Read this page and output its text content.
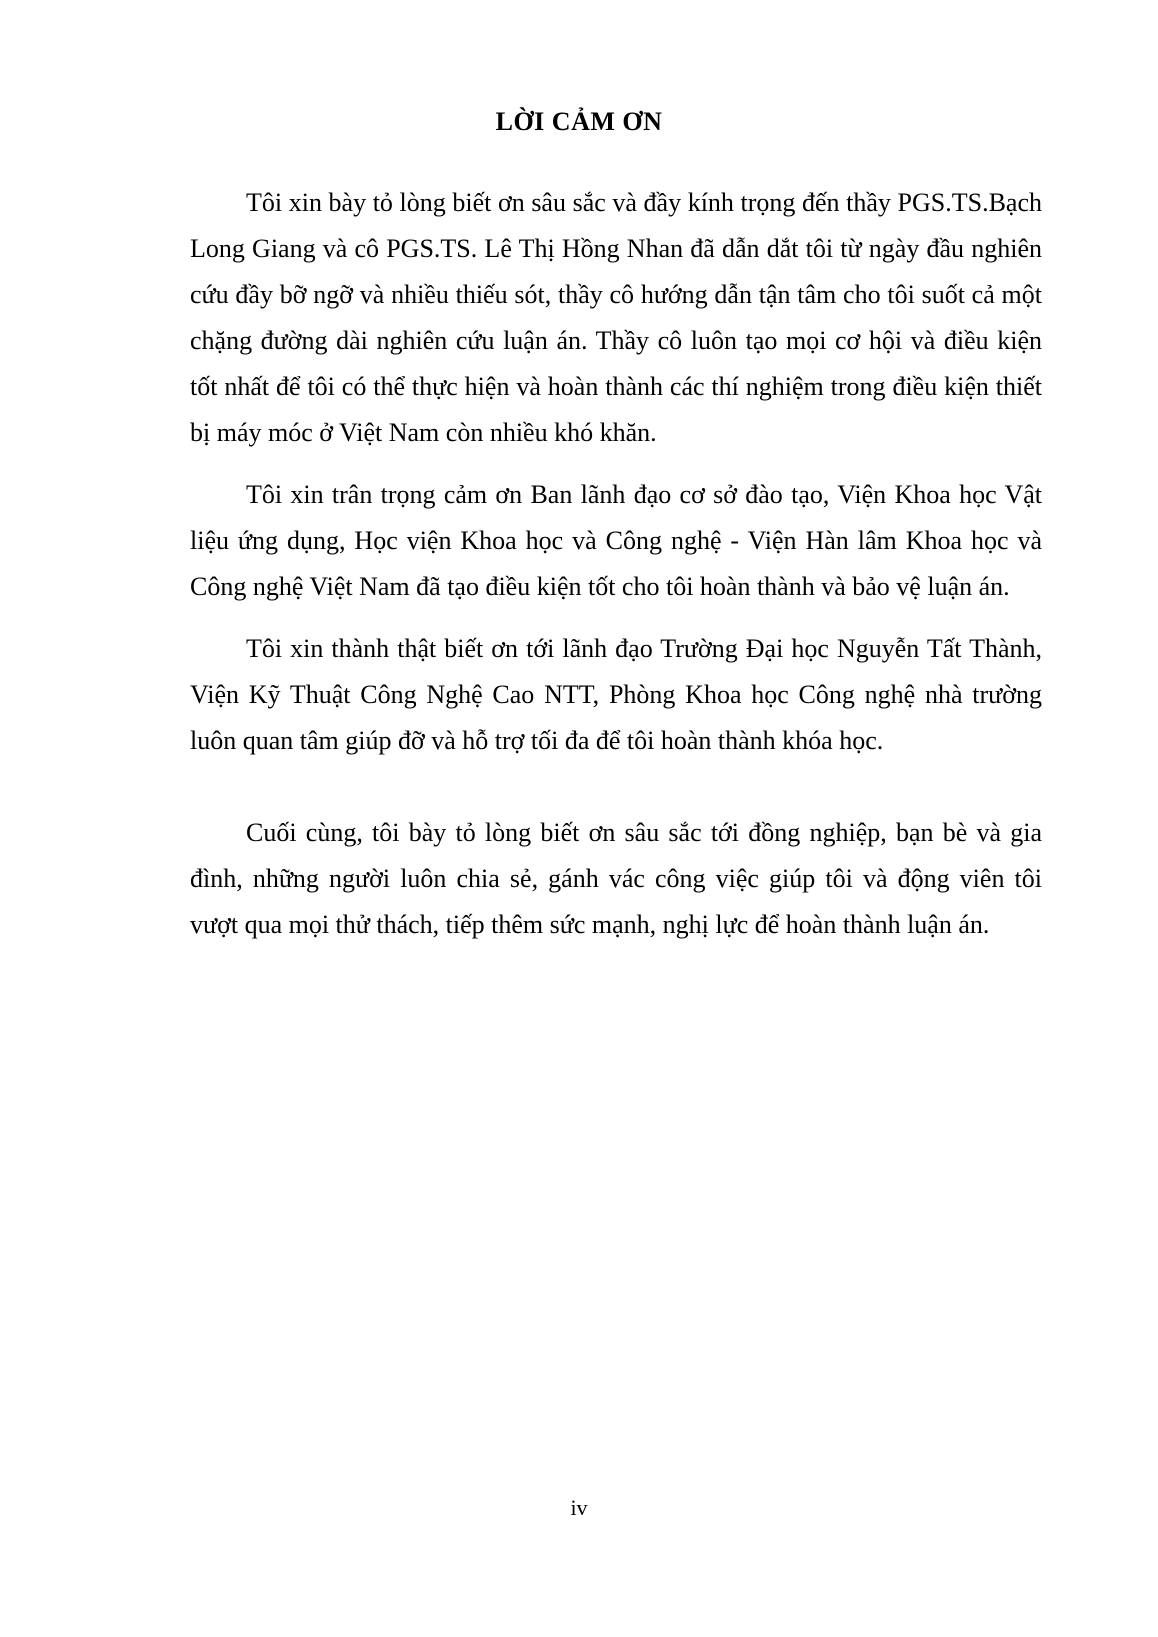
LỜI CẢM ƠN

Tôi xin bày tỏ lòng biết ơn sâu sắc và đầy kính trọng đến thầy PGS.TS.Bạch Long Giang và cô PGS.TS. Lê Thị Hồng Nhan đã dẫn dắt tôi từ ngày đầu nghiên cứu đầy bỡ ngỡ và nhiều thiếu sót, thầy cô hướng dẫn tận tâm cho tôi suốt cả một chặng đường dài nghiên cứu luận án. Thầy cô luôn tạo mọi cơ hội và điều kiện tốt nhất để tôi có thể thực hiện và hoàn thành các thí nghiệm trong điều kiện thiết bị máy móc ở Việt Nam còn nhiều khó khăn.

Tôi xin trân trọng cảm ơn Ban lãnh đạo cơ sở đào tạo, Viện Khoa học Vật liệu ứng dụng, Học viện Khoa học và Công nghệ - Viện Hàn lâm Khoa học và Công nghệ Việt Nam đã tạo điều kiện tốt cho tôi hoàn thành và bảo vệ luận án.

Tôi xin thành thật biết ơn tới lãnh đạo Trường Đại học Nguyễn Tất Thành, Viện Kỹ Thuật Công Nghệ Cao NTT, Phòng Khoa học Công nghệ nhà trường luôn quan tâm giúp đỡ và hỗ trợ tối đa để tôi hoàn thành khóa học.

Cuối cùng, tôi bày tỏ lòng biết ơn sâu sắc tới đồng nghiệp, bạn bè và gia đình, những người luôn chia sẻ, gánh vác công việc giúp tôi và động viên tôi vượt qua mọi thử thách, tiếp thêm sức mạnh, nghị lực để hoàn thành luận án.

iv
